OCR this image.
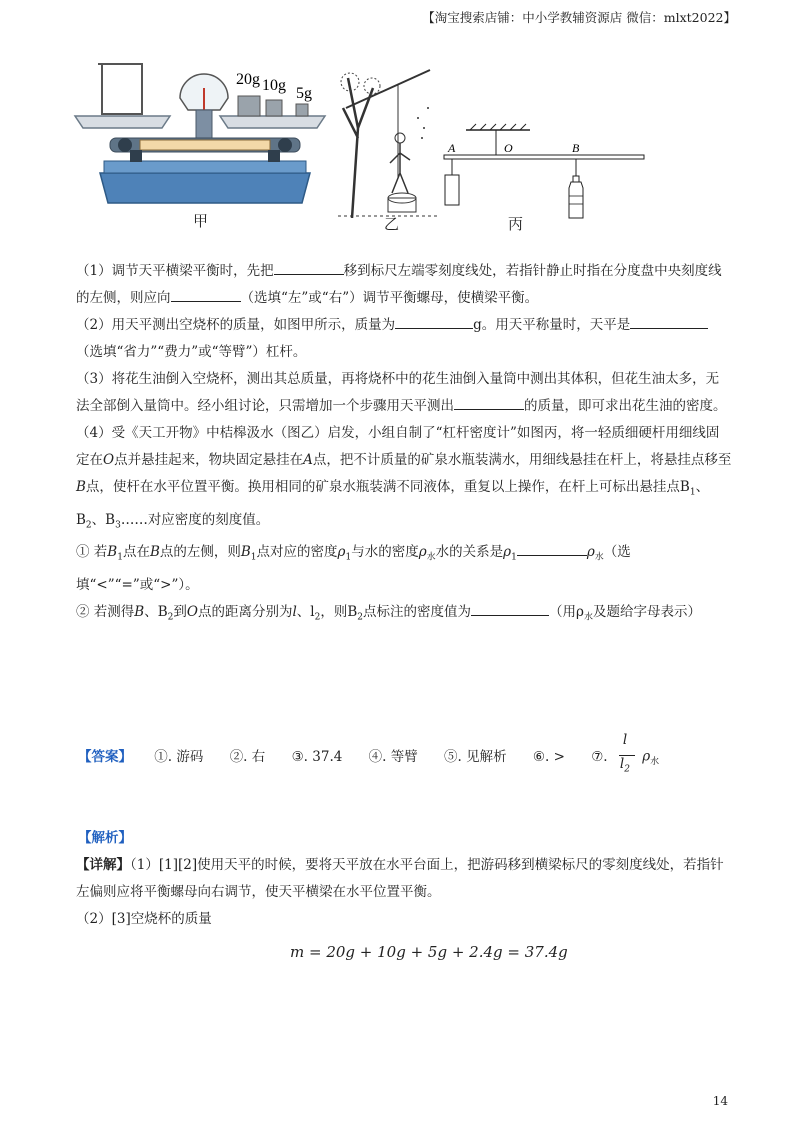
【淘宝搜索店铺：中小学教辅资源店 微信：mlxt2022】
20g 10g 5g
甲	乙
A	O	B
丙

（1）调节天平横梁平衡时，先把	移到标尺左端零刻度线处，若指针静止时指在分度盘中央刻度线的左侧，则应向	（选填“左”或“右”）调节平衡螺母，使横梁平衡。

（2）用天平测出空烧杯的质量，如图甲所示，质量为	g。用天平称量时，天平是（选填“省力”“费力”或“等臂”）杠杆。

（3）将花生油倒入空烧杯，测出其总质量，再将烧杯中的花生油倒入量筒中测出其体积，但花生油太多，无法全部倒入量筒中。经小组讨论，只需增加一个步骤用天平测出	的质量，即可求出花生油的密度。

（4）受《天工开物》中桔槔汲水（图乙）启发，小组自制了“杠杆密度计”如图丙，将一轻质细硬杆用细线固定在O点并悬挂起来，物块固定悬挂在A点，把不计质量的矿泉水瓶装满水，用细线悬挂在杆上，将悬挂点移至B点，使杆在水平位置平衡。换用相同的矿泉水瓶装满不同液体，重复以上操作，在杆上可标出悬挂点$B_1$、$B_2$、$B_3\dots\dots$对应密度的刻度值。

① 若$B_1$点在B点的左侧，则$B_1$点对应的密度$\rho_1$与水的密度$\rho_水$水的关系是$\rho_1$	$\rho_水$（选填“<”“=”或“>”）。

② 若测得B、$B_2$到O点的距离分别为l、$l_2$，则$B_2$点标注的密度值为	（用$\rho_水$及题给字母表示）

【答案】 ①. 游码 ②. 右 ③. 37.4 ④. 等臂 ⑤. 见解析 ⑥. > ⑦. $\frac{l}{l_2} \rho_水$
【解析】

【详解】（1）[1][2]使用天平的时候，要将天平放在水平台面上，把游码移到横梁标尺的零刻度线处，若指针左偏则应将平衡螺母向右调节，使天平横梁在水平位置平衡。

（2）[3]空烧杯的质量

m = 20g + 10g + 5g + 2.4g = 37.4g
14
